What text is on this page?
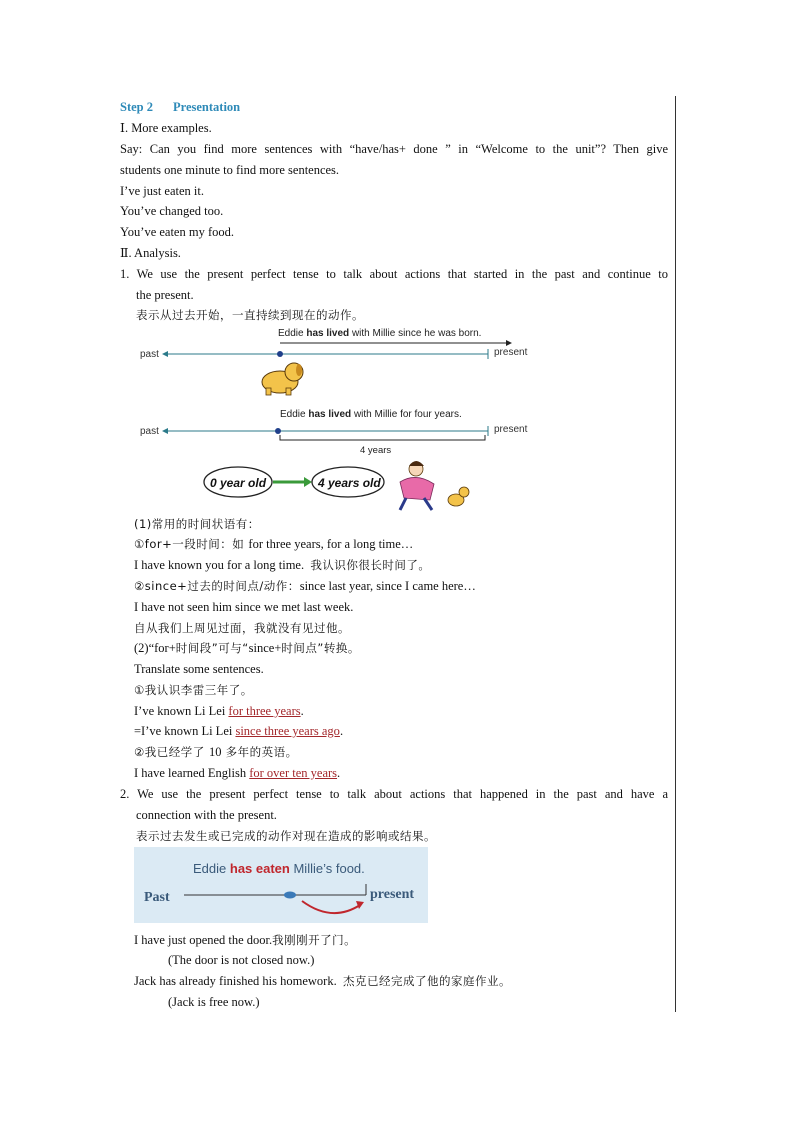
Step 2 Presentation
Ⅰ. More examples.
Say: Can you find more sentences with “have/has+ done ” in “Welcome to the unit”? Then give
students one minute to find more sentences.
I’ve just eaten it.
You’ve changed too.
You’ve eaten my food.
Ⅱ. Analysis.
1. We use the present perfect tense to talk about actions that started in the past and continue to
the present.
表示从过去开始，一直持续到现在的动作。
Eddie has lived with Millie since he was born.
past	present
Eddie has lived with Millie for four years.
past	present
4 years
0 year old	4 years old
(1)常用的时间状语有：
①for+一段时间：如 for three years, for a long time…
I have known you for a long time. 我认识你很长时间了。
②since+过去的时间点/动作：since last year, since I came here…
I have not seen him since we met last week.
自从我们上周见过面，我就没有见过他。
(2)“for+时间段”可与“since+时间点”转换。
Translate some sentences.
①我认识李雷三年了。
I’ve known Li Lei for three years.
=I’ve known Li Lei since three years ago.
②我已经学了 10 多年的英语。
I have learned English for over ten years.
2. We use the present perfect tense to talk about actions that happened in the past and have a
connection with the present.
表示过去发生或已完成的动作对现在造成的影响或结果。
Eddie has eaten Millie’s food.
Past	present
I have just opened the door.我刚刚开了门。
(The door is not closed now.)
Jack has already finished his homework. 杰克已经完成了他的家庭作业。
(Jack is free now.)
